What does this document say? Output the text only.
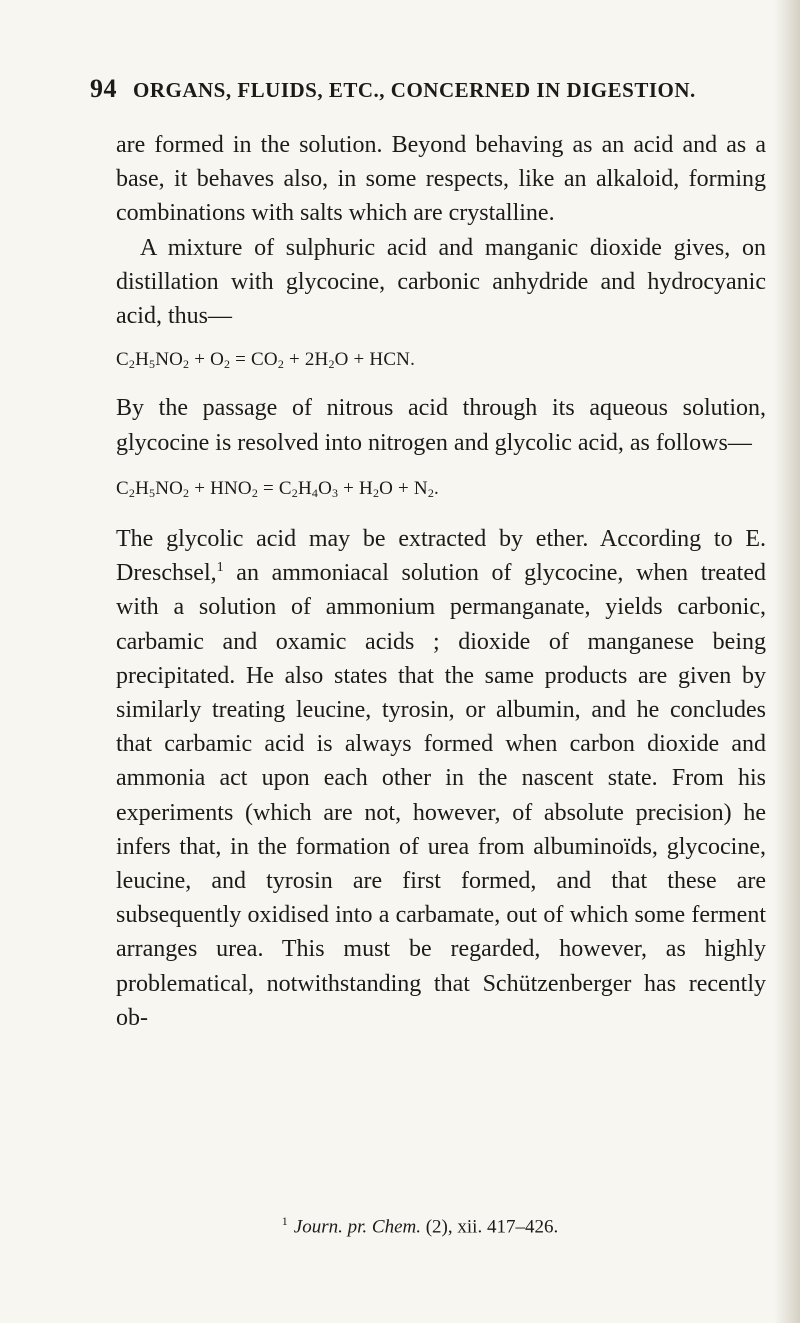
94 ORGANS, FLUIDS, ETC., CONCERNED IN DIGESTION.

are formed in the solution. Beyond behaving as an acid and as a base, it behaves also, in some respects, like an alkaloid, forming combinations with salts which are crystalline.

A mixture of sulphuric acid and manganic dioxide gives, on distillation with glycocine, carbonic anhydride and hydrocyanic acid, thus—

$C_2H_5NO_2 + O_2 = CO_2 + 2H_2O$ + HCN.

By the passage of nitrous acid through its aqueous solution, glycocine is resolved into nitrogen and glycolic acid, as follows—

$C_2H_5NO_2 + HNO_2 = C_2H_4O_3 + H_2O + N_2$.

The glycolic acid may be extracted by ether. According to E. Dreschsel,$^1$ an ammoniacal solution of glycocine, when treated with a solution of ammonium permanganate, yields carbonic, carbamic and oxamic acids ; dioxide of manganese being precipitated. He also states that the same products are given by similarly treating leucine, tyrosin, or albumin, and he concludes that carbamic acid is always formed when carbon dioxide and ammonia act upon each other in the nascent state. From his experiments (which are not, however, of absolute precision) he infers that, in the formation of urea from albuminoïds, glycocine, leucine, and tyrosin are first formed, and that these are subsequently oxidised into a carbamate, out of which some ferment arranges urea. This must be regarded, however, as highly problematical, notwithstanding that Schützenberger has recently ob-

$^1$ Journ. pr. Chem. (2), xii. 417–426.
